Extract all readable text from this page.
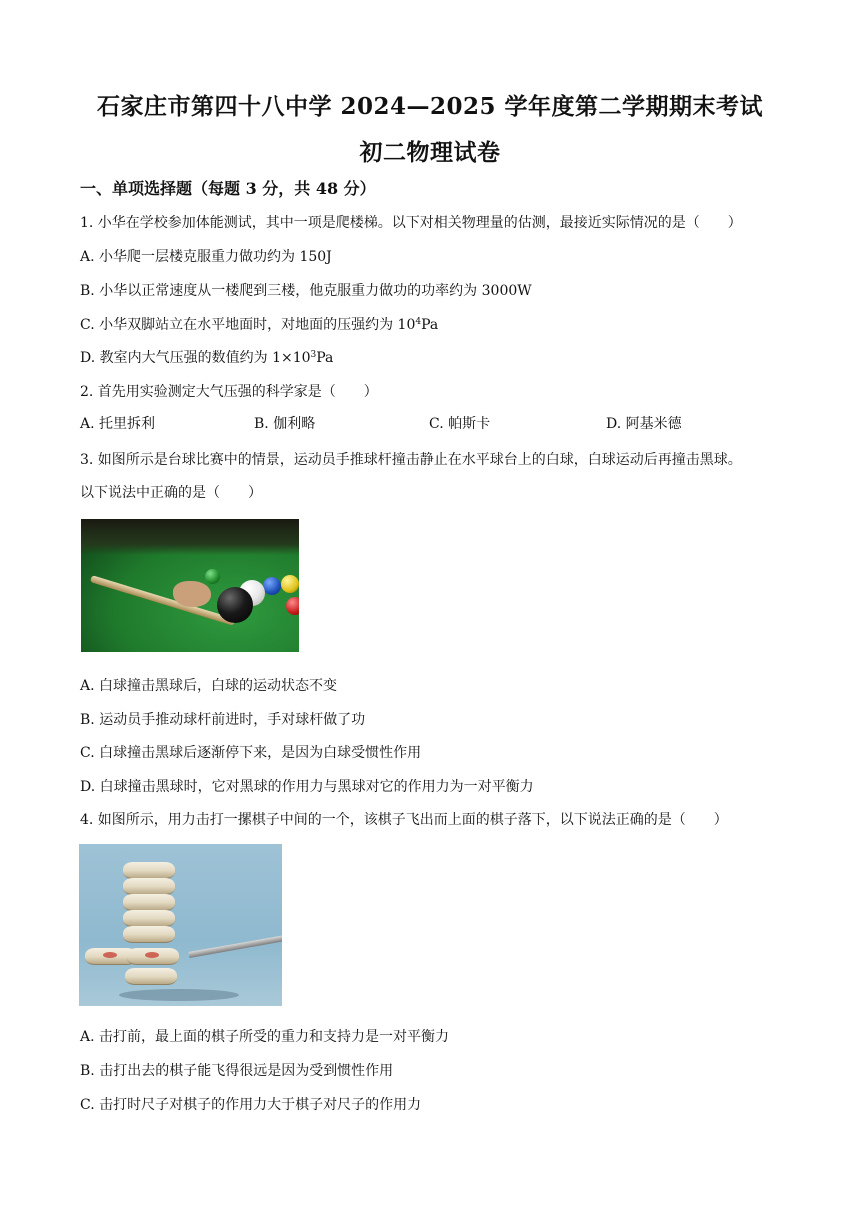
石家庄市第四十八中学 2024—2025 学年度第二学期期末考试
初二物理试卷
一、单项选择题（每题 3 分，共 48 分）
1. 小华在学校参加体能测试，其中一项是爬楼梯。以下对相关物理量的估测，最接近实际情况的是（　　）
A. 小华爬一层楼克服重力做功约为 150J
B. 小华以正常速度从一楼爬到三楼，他克服重力做功的功率约为 3000W
C. 小华双脚站立在水平地面时，对地面的压强约为 $10^4Pa$
D. 教室内大气压强的数值约为 $1\times 10^3Pa$
2. 首先用实验测定大气压强的科学家是（　　）
A. 托里拆利	B. 伽利略	C. 帕斯卡	D. 阿基米德
3. 如图所示是台球比赛中的情景，运动员手推球杆撞击静止在水平球台上的白球，白球运动后再撞击黑球。
以下说法中正确的是（　　）
A. 白球撞击黑球后，白球的运动状态不变
B. 运动员手推动球杆前进时，手对球杆做了功
C. 白球撞击黑球后逐渐停下来，是因为白球受惯性作用
D. 白球撞击黑球时，它对黑球的作用力与黑球对它的作用力为一对平衡力
4. 如图所示，用力击打一摞棋子中间的一个，该棋子飞出而上面的棋子落下，以下说法正确的是（　　）
A. 击打前，最上面的棋子所受的重力和支持力是一对平衡力
B. 击打出去的棋子能飞得很远是因为受到惯性作用
C. 击打时尺子对棋子的作用力大于棋子对尺子的作用力
